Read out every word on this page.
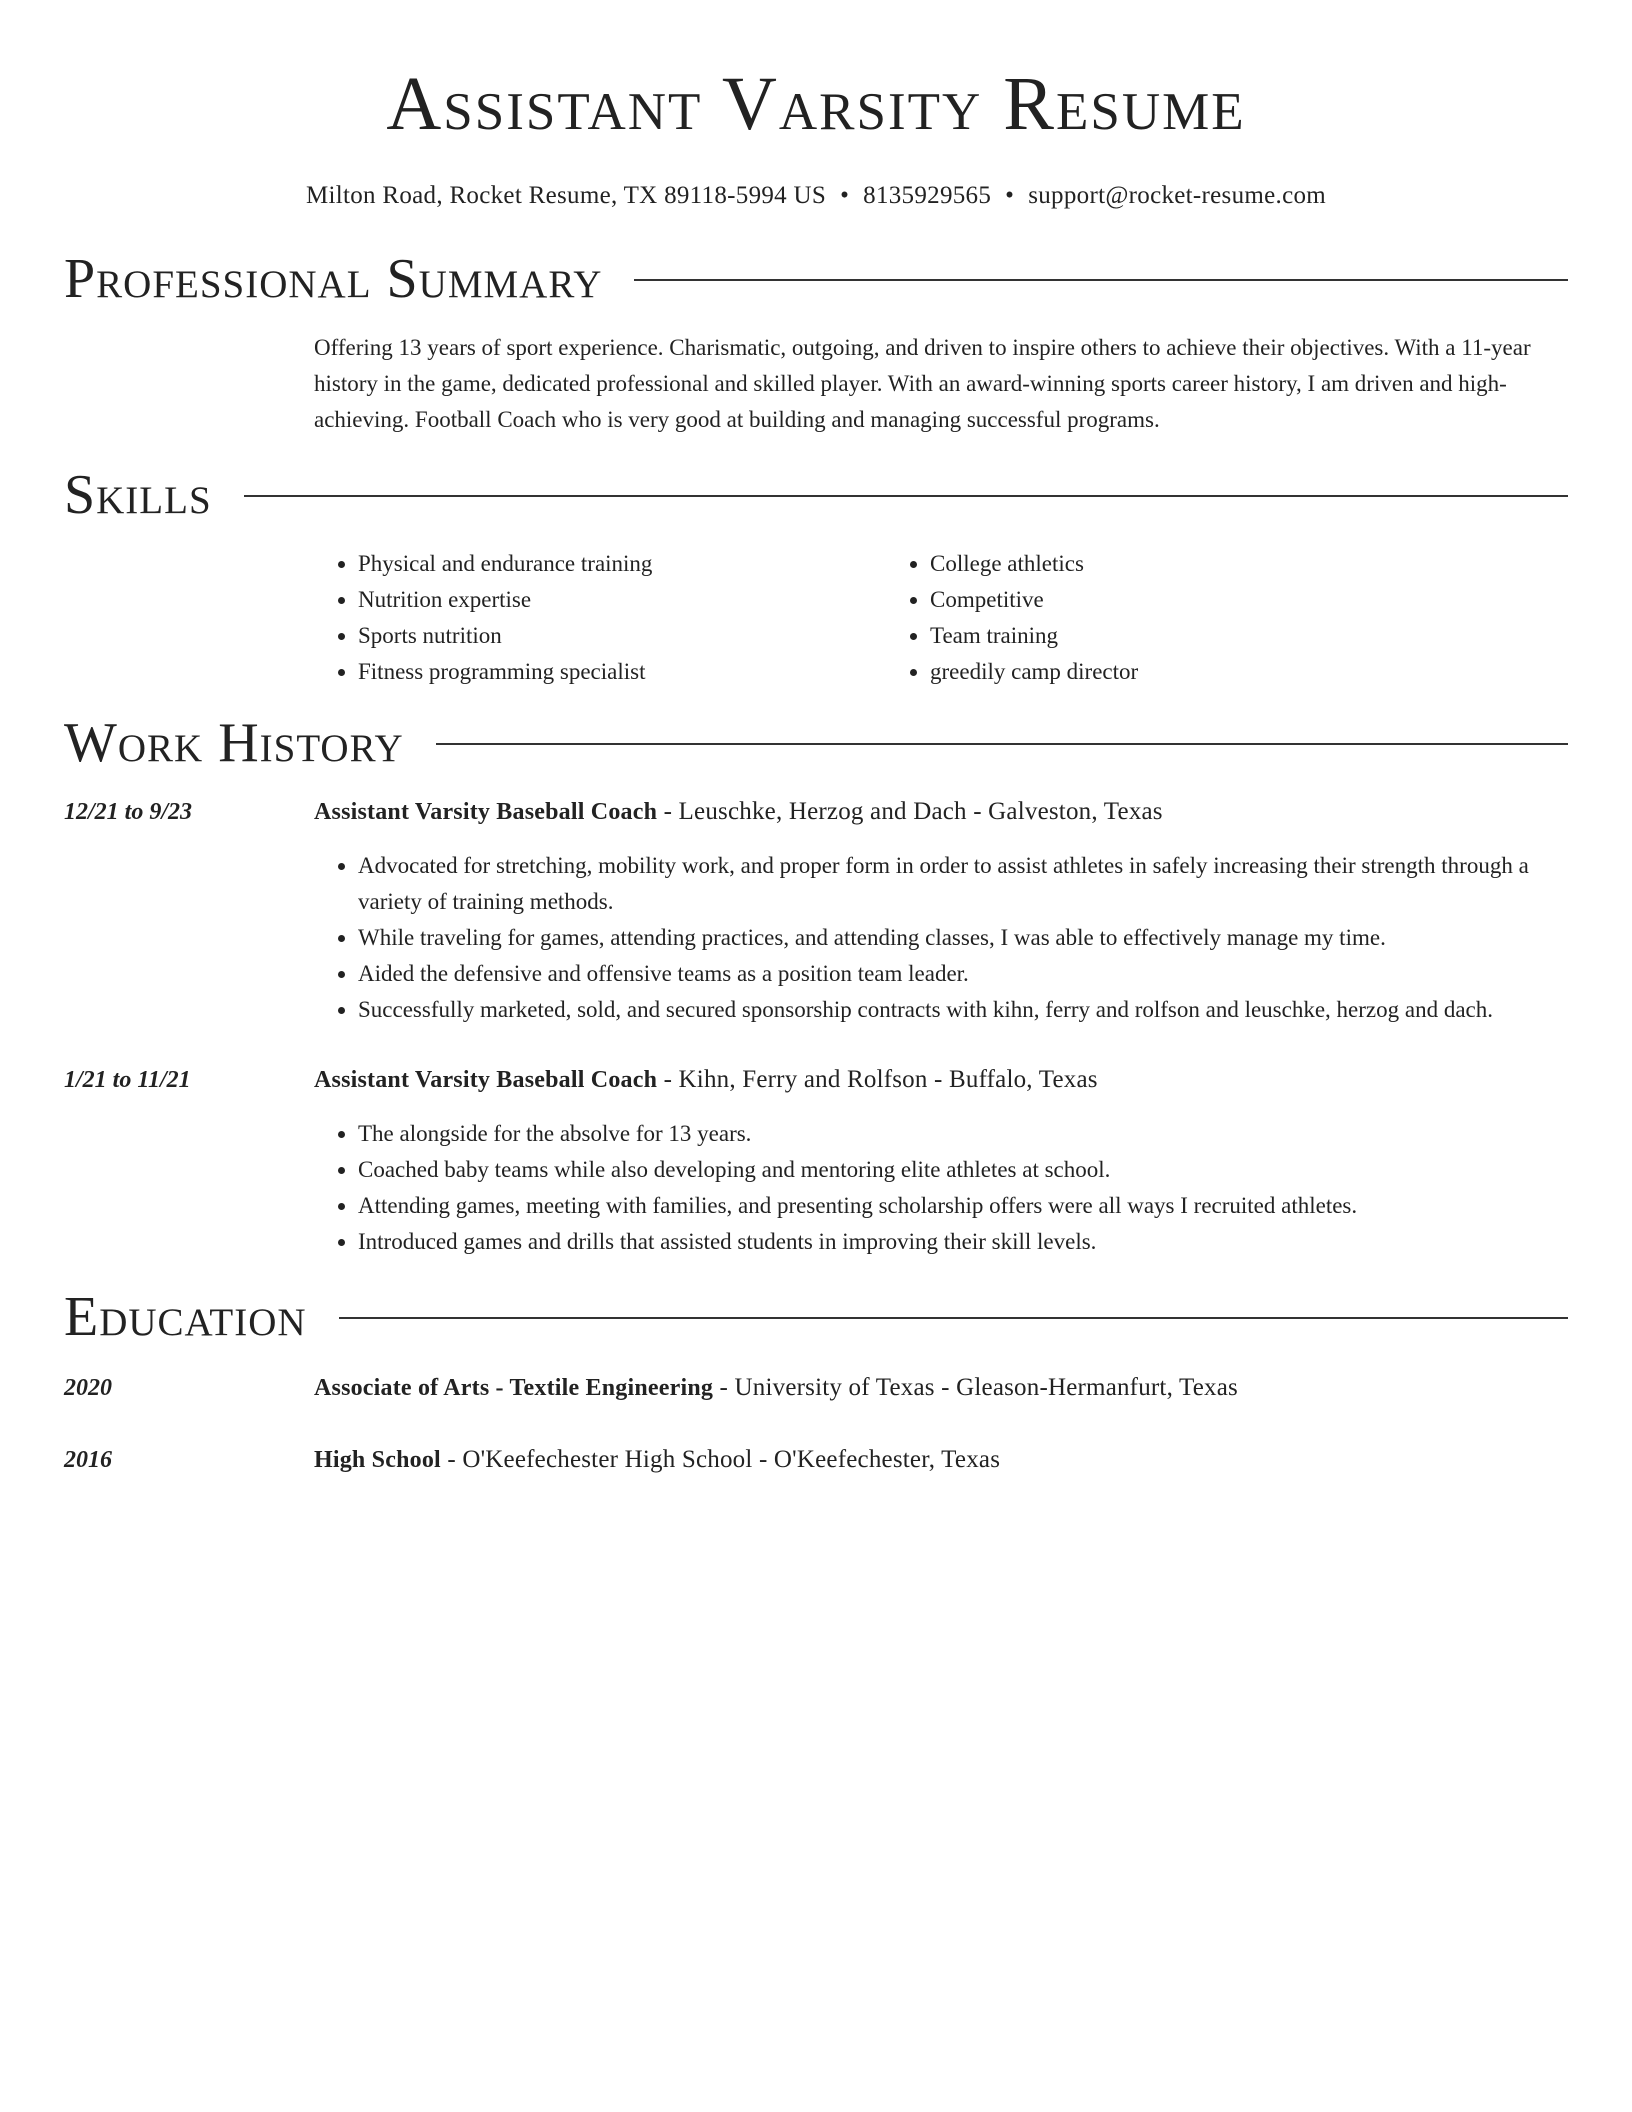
Assistant Varsity Resume
Milton Road, Rocket Resume, TX 89118-5994 US • 8135929565 • support@rocket-resume.com
Professional Summary

Offering 13 years of sport experience. Charismatic, outgoing, and driven to inspire others to achieve their objectives. With a 11-year history in the game, dedicated professional and skilled player. With an award-winning sports career history, I am driven and high-achieving. Football Coach who is very good at building and managing successful programs.

Skills
• Physical and endurance training
• Nutrition expertise
• Sports nutrition
• Fitness programming specialist
• College athletics
• Competitive
• Team training
• greedily camp director
Work History
12/21 to 9/23	Assistant Varsity Baseball Coach - Leuschke, Herzog and Dach - Galveston, Texas
• Advocated for stretching, mobility work, and proper form in order to assist athletes in safely increasing their strength through a variety of training methods.
• While traveling for games, attending practices, and attending classes, I was able to effectively manage my time.
• Aided the defensive and offensive teams as a position team leader.
• Successfully marketed, sold, and secured sponsorship contracts with kihn, ferry and rolfson and leuschke, herzog and dach.
1/21 to 11/21	Assistant Varsity Baseball Coach - Kihn, Ferry and Rolfson - Buffalo, Texas
• The alongside for the absolve for 13 years.
• Coached baby teams while also developing and mentoring elite athletes at school.
• Attending games, meeting with families, and presenting scholarship offers were all ways I recruited athletes.
• Introduced games and drills that assisted students in improving their skill levels.
Education
2020	Associate of Arts - Textile Engineering - University of Texas - Gleason-Hermanfurt, Texas
2016	High School - O'Keefechester High School - O'Keefechester, Texas
